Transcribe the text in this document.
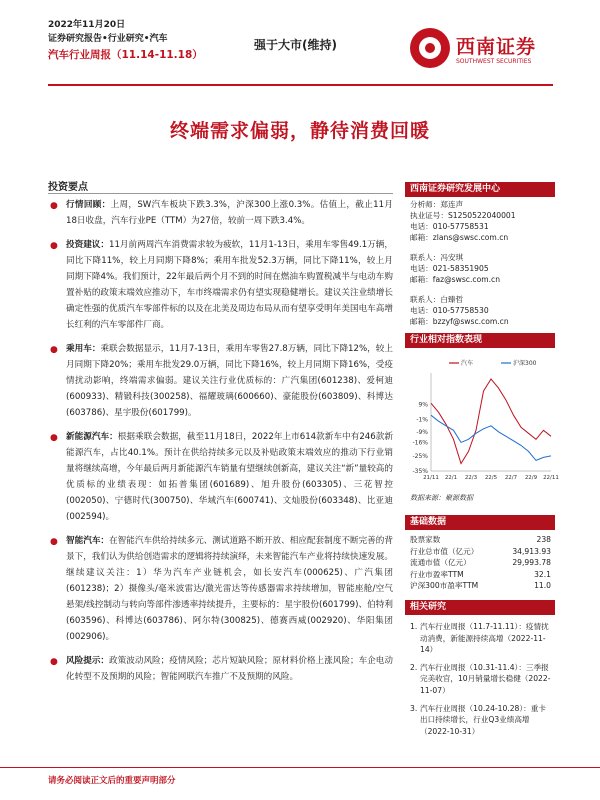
2022年11月20日
证券研究报告•行业研究•汽车
汽车行业周报（11.14-11.18）
强于大市(维持)	西南证券
SOUTHWEST SECURITIES
终端需求偏弱，静待消费回暖
投资要点
● 行情回顾：上周，SW汽车板块下跌3.3%，沪深300上涨0.3%。估值上，截止11月18日收盘，汽车行业PE（TTM）为27倍，较前一周下跌3.4%。
● 投资建议：11月前两周汽车消费需求较为疲软，11月1-13日，乘用车零售49.1万辆，同比下降11%，较上月同期下降8%；乘用车批发52.3万辆，同比下降11%，较上月同期下降4%。我们预计，22年最后两个月不到的时间在燃油车购置税减半与电动车购置补贴的政策末端效应推动下，车市终端需求仍有望实现稳健增长。建议关注业绩增长确定性强的优质汽车零部件标的以及在北美及周边布局从而有望享受明年美国电车高增长红利的汽车零部件厂商。
● 乘用车：乘联会数据显示，11月7-13日，乘用车零售27.8万辆，同比下降12%，较上月同期下降20%；乘用车批发29.0万辆，同比下降16%，较上月同期下降16%，受疫情扰动影响，终端需求偏弱。建议关注行业优质标的：广汽集团(601238)、爱柯迪(600933)、精锻科技(300258)、福耀玻璃(600660)、豪能股份(603809)、科博达(603786)、星宇股份(601799)。
● 新能源汽车：根据乘联会数据，截至11月18日，2022年上市614款新车中有246款新能源汽车，占比40.1%。预计在供给持续多元以及补贴政策末端效应的推动下行业销量将继续高增，今年最后两月新能源汽车销量有望继续创新高，建议关注“新”量较高的优质标的业绩表现：如拓普集团(601689)、旭升股份(603305)、三花智控(002050)、宁德时代(300750)、华域汽车(600741)、文灿股份(603348)、比亚迪(002594)。
● 智能汽车：在智能汽车供给持续多元、测试道路不断开放、相应配套制度不断完善的背景下，我们认为供给创造需求的逻辑将持续演绎，未来智能汽车产业将持续快速发展。继续建议关注：1）华为汽车产业链机会，如长安汽车(000625)、广汽集团(601238)；2）摄像头/毫米波雷达/激光雷达等传感器需求持续增加，智能座舱/空气悬架/线控制动与转向等部件渗透率持续提升，主要标的：星宇股份(601799)、伯特利(603596)、科博达(603786)、阿尔特(300825)、德赛西威(002920)、华阳集团(002906)。
● 风险提示：政策波动风险；疫情风险；芯片短缺风险；原材料价格上涨风险；车企电动化转型不及预期的风险；智能网联汽车推广不及预期的风险。
西南证券研究发展中心
分析师：郑连声
执业证号：S1250522040001
电话：010-57758531
邮箱：zlans@swsc.com.cn
联系人：冯安琪
电话：021-58351905
邮箱：faz@swsc.com.cn
联系人：白臻哲
电话：010-57758530
邮箱：bzzyf@swsc.com.cn
行业相对指数表现
9%
-1%
-9%
-16%
-25%
-35%
21/11 22/1 22/3 22/5 22/7 22/9 22/11
汽车	沪深300
数据来源：聚源数据
基础数据
股票家数	238
行业总市值（亿元）	34,913.93
流通市值（亿元）	29,993.78
行业市盈率TTM	32.1
沪深300市盈率TTM	11.0
相关研究
1. 汽车行业周报（11.7-11.11）：疫情扰动消费，新能源持续高增（2022-11-14）
2. 汽车行业周报（10.31-11.4）：三季报完美收官，10月销量增长稳健（2022-11-07）
3. 汽车行业周报（10.24-10.28）：重卡出口持续增长，行业Q3业绩高增（2022-10-31）
请务必阅读正文后的重要声明部分
